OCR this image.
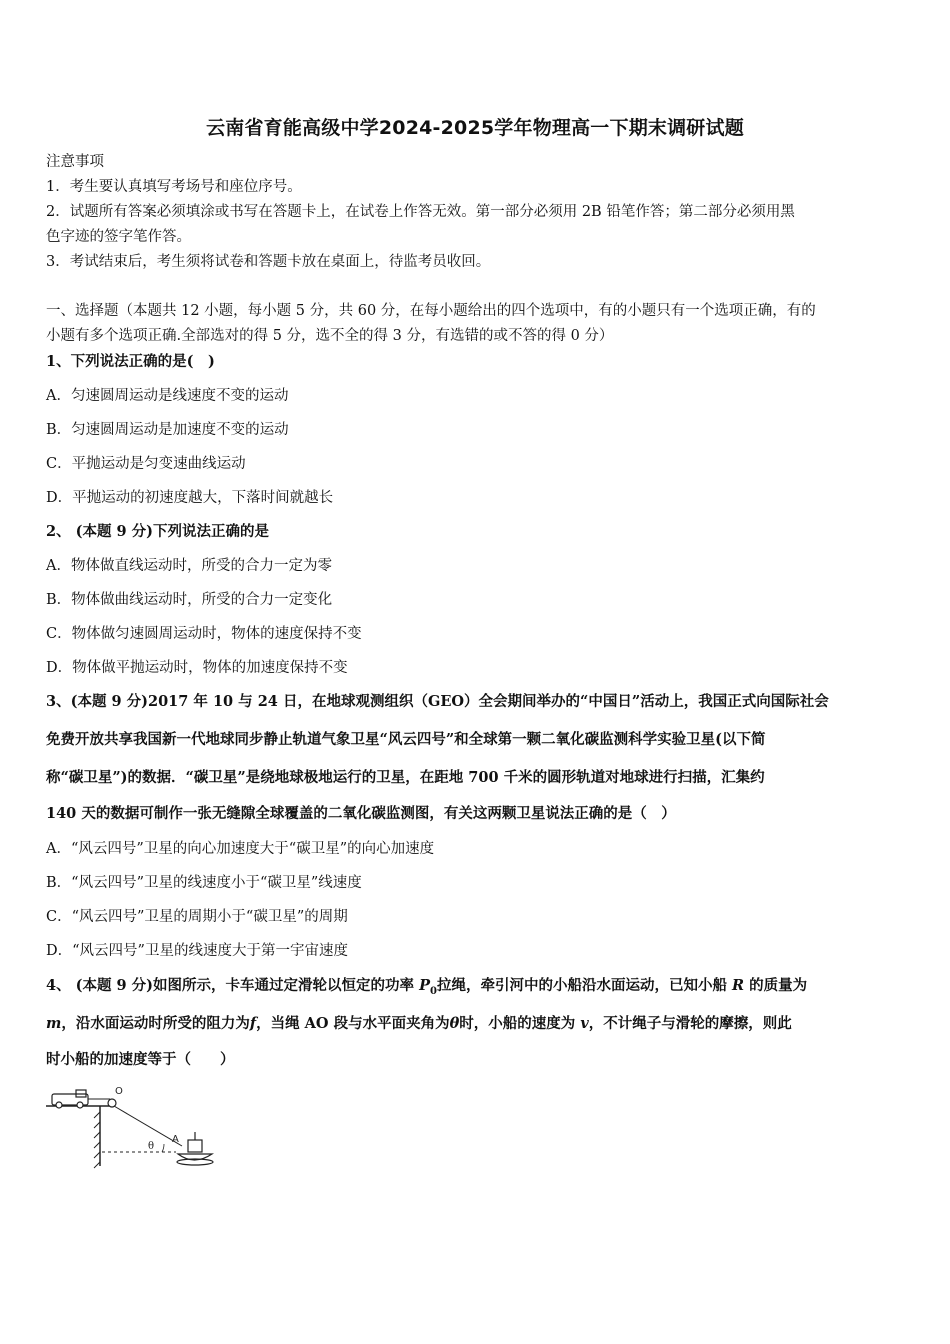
云南省育能高级中学2024-2025学年物理高一下期末调研试题
注意事项
1．考生要认真填写考场号和座位序号。
2．试题所有答案必须填涂或书写在答题卡上，在试卷上作答无效。第一部分必须用 2B 铅笔作答；第二部分必须用黑
色字迹的签字笔作答。
3．考试结束后，考生须将试卷和答题卡放在桌面上，待监考员收回。
一、选择题（本题共 12 小题，每小题 5 分，共 60 分，在每小题给出的四个选项中，有的小题只有一个选项正确，有的
小题有多个选项正确.全部选对的得 5 分，选不全的得 3 分，有选错的或不答的得 0 分）
1、下列说法正确的是(　)
A．匀速圆周运动是线速度不变的运动
B．匀速圆周运动是加速度不变的运动
C．平抛运动是匀变速曲线运动
D．平抛运动的初速度越大，下落时间就越长
2、 (本题 9 分)下列说法正确的是
A．物体做直线运动时，所受的合力一定为零
B．物体做曲线运动时，所受的合力一定变化
C．物体做匀速圆周运动时，物体的速度保持不变
D．物体做平抛运动时，物体的加速度保持不变
3、(本题 9 分)2017 年 10 与 24 日，在地球观测组织（GEO）全会期间举办的“中国日”活动上，我国正式向国际社会
免费开放共享我国新一代地球同步静止轨道气象卫星“风云四号”和全球第一颗二氧化碳监测科学实验卫星(以下简
称“碳卫星”)的数据．“碳卫星”是绕地球极地运行的卫星，在距地 700 千米的圆形轨道对地球进行扫描，汇集约
140 天的数据可制作一张无缝隙全球覆盖的二氧化碳监测图，有关这两颗卫星说法正确的是（　）
A．“风云四号”卫星的向心加速度大于“碳卫星”的向心加速度
B．“风云四号”卫星的线速度小于“碳卫星”线速度
C．“风云四号”卫星的周期小于“碳卫星”的周期
D．“风云四号”卫星的线速度大于第一宇宙速度
4、 (本题 9 分)如图所示，卡车通过定滑轮以恒定的功率 $P_0$拉绳，牵引河中的小船沿水面运动，已知小船 R 的质量为
m，沿水面运动时所受的阻力为f，当绳 AO 段与水平面夹角为θ时，小船的速度为 v，不计绳子与滑轮的摩擦，则此
时小船的加速度等于（　　）
O
A
θ
